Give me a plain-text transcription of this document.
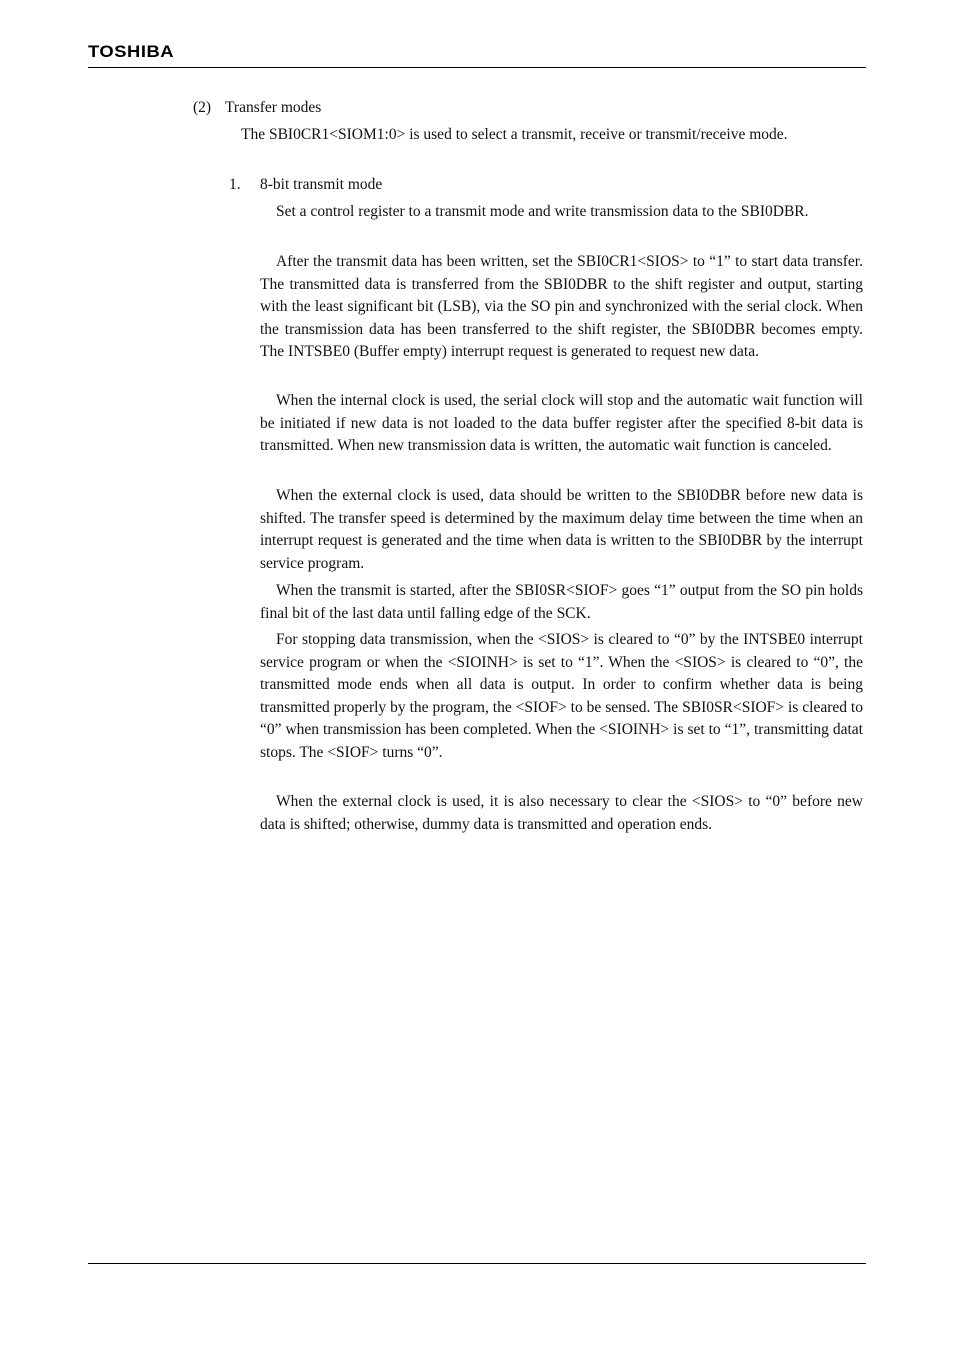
TOSHIBA
(2) Transfer modes

The SBI0CR1<SIOM1:0> is used to select a transmit, receive or transmit/receive mode.

1. 8-bit transmit mode

Set a control register to a transmit mode and write transmission data to the SBI0DBR.

After the transmit data has been written, set the SBI0CR1<SIOS> to “1” to start data transfer. The transmitted data is transferred from the SBI0DBR to the shift register and output, starting with the least significant bit (LSB), via the SO pin and synchronized with the serial clock. When the transmission data has been transferred to the shift register, the SBI0DBR becomes empty. The INTSBE0 (Buffer empty) interrupt request is generated to request new data.

When the internal clock is used, the serial clock will stop and the automatic wait function will be initiated if new data is not loaded to the data buffer register after the specified 8-bit data is transmitted. When new transmission data is written, the automatic wait function is canceled.

When the external clock is used, data should be written to the SBI0DBR before new data is shifted. The transfer speed is determined by the maximum delay time between the time when an interrupt request is generated and the time when data is written to the SBI0DBR by the interrupt service program.

When the transmit is started, after the SBI0SR<SIOF> goes “1” output from the SO pin holds final bit of the last data until falling edge of the SCK.

For stopping data transmission, when the <SIOS> is cleared to “0” by the INTSBE0 interrupt service program or when the <SIOINH> is set to “1”. When the <SIOS> is cleared to “0”, the transmitted mode ends when all data is output. In order to confirm whether data is being transmitted properly by the program, the <SIOF> to be sensed. The SBI0SR<SIOF> is cleared to “0” when transmission has been completed. When the <SIOINH> is set to “1”, transmitting datat stops. The <SIOF> turns “0”.

When the external clock is used, it is also necessary to clear the <SIOS> to “0” before new data is shifted; otherwise, dummy data is transmitted and operation ends.
